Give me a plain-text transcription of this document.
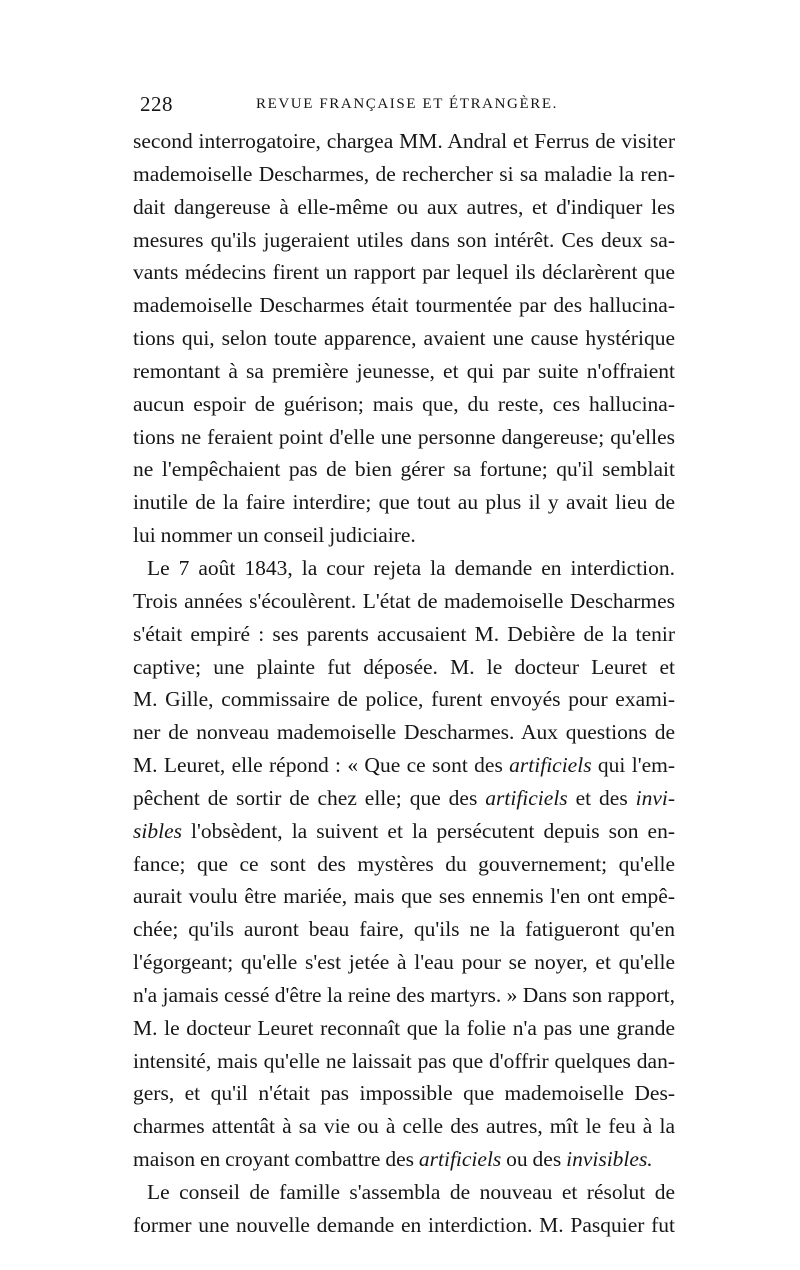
228	REVUE FRANÇAISE ET ÉTRANGÈRE.
second interrogatoire, chargea MM. Andral et Ferrus de visiter
mademoiselle Descharmes, de rechercher si sa maladie la ren-
dait dangereuse à elle-même ou aux autres, et d'indiquer les
mesures qu'ils jugeraient utiles dans son intérêt. Ces deux sa-
vants médecins firent un rapport par lequel ils déclarèrent que
mademoiselle Descharmes était tourmentée par des hallucina-
tions qui, selon toute apparence, avaient une cause hystérique
remontant à sa première jeunesse, et qui par suite n'offraient
aucun espoir de guérison; mais que, du reste, ces hallucina-
tions ne feraient point d'elle une personne dangereuse; qu'elles
ne l'empêchaient pas de bien gérer sa fortune; qu'il semblait
inutile de la faire interdire; que tout au plus il y avait lieu de
lui nommer un conseil judiciaire.
Le 7 août 1843, la cour rejeta la demande en interdiction.
Trois années s'écoulèrent. L'état de mademoiselle Descharmes
s'était empiré : ses parents accusaient M. Debière de la tenir
captive; une plainte fut déposée. M. le docteur Leuret et
M. Gille, commissaire de police, furent envoyés pour exami-
ner de nonveau mademoiselle Descharmes. Aux questions de
M. Leuret, elle répond : « Que ce sont des artificiels qui l'em-
pêchent de sortir de chez elle; que des artificiels et des invi-
sibles l'obsèdent, la suivent et la persécutent depuis son en-
fance; que ce sont des mystères du gouvernement; qu'elle
aurait voulu être mariée, mais que ses ennemis l'en ont empê-
chée; qu'ils auront beau faire, qu'ils ne la fatigueront qu'en
l'égorgeant; qu'elle s'est jetée à l'eau pour se noyer, et qu'elle
n'a jamais cessé d'être la reine des martyrs. » Dans son rapport,
M. le docteur Leuret reconnaît que la folie n'a pas une grande
intensité, mais qu'elle ne laissait pas que d'offrir quelques dan-
gers, et qu'il n'était pas impossible que mademoiselle Des-
charmes attentât à sa vie ou à celle des autres, mît le feu à la
maison en croyant combattre des artificiels ou des invisibles.
Le conseil de famille s'assembla de nouveau et résolut de
former une nouvelle demande en interdiction. M. Pasquier fut
